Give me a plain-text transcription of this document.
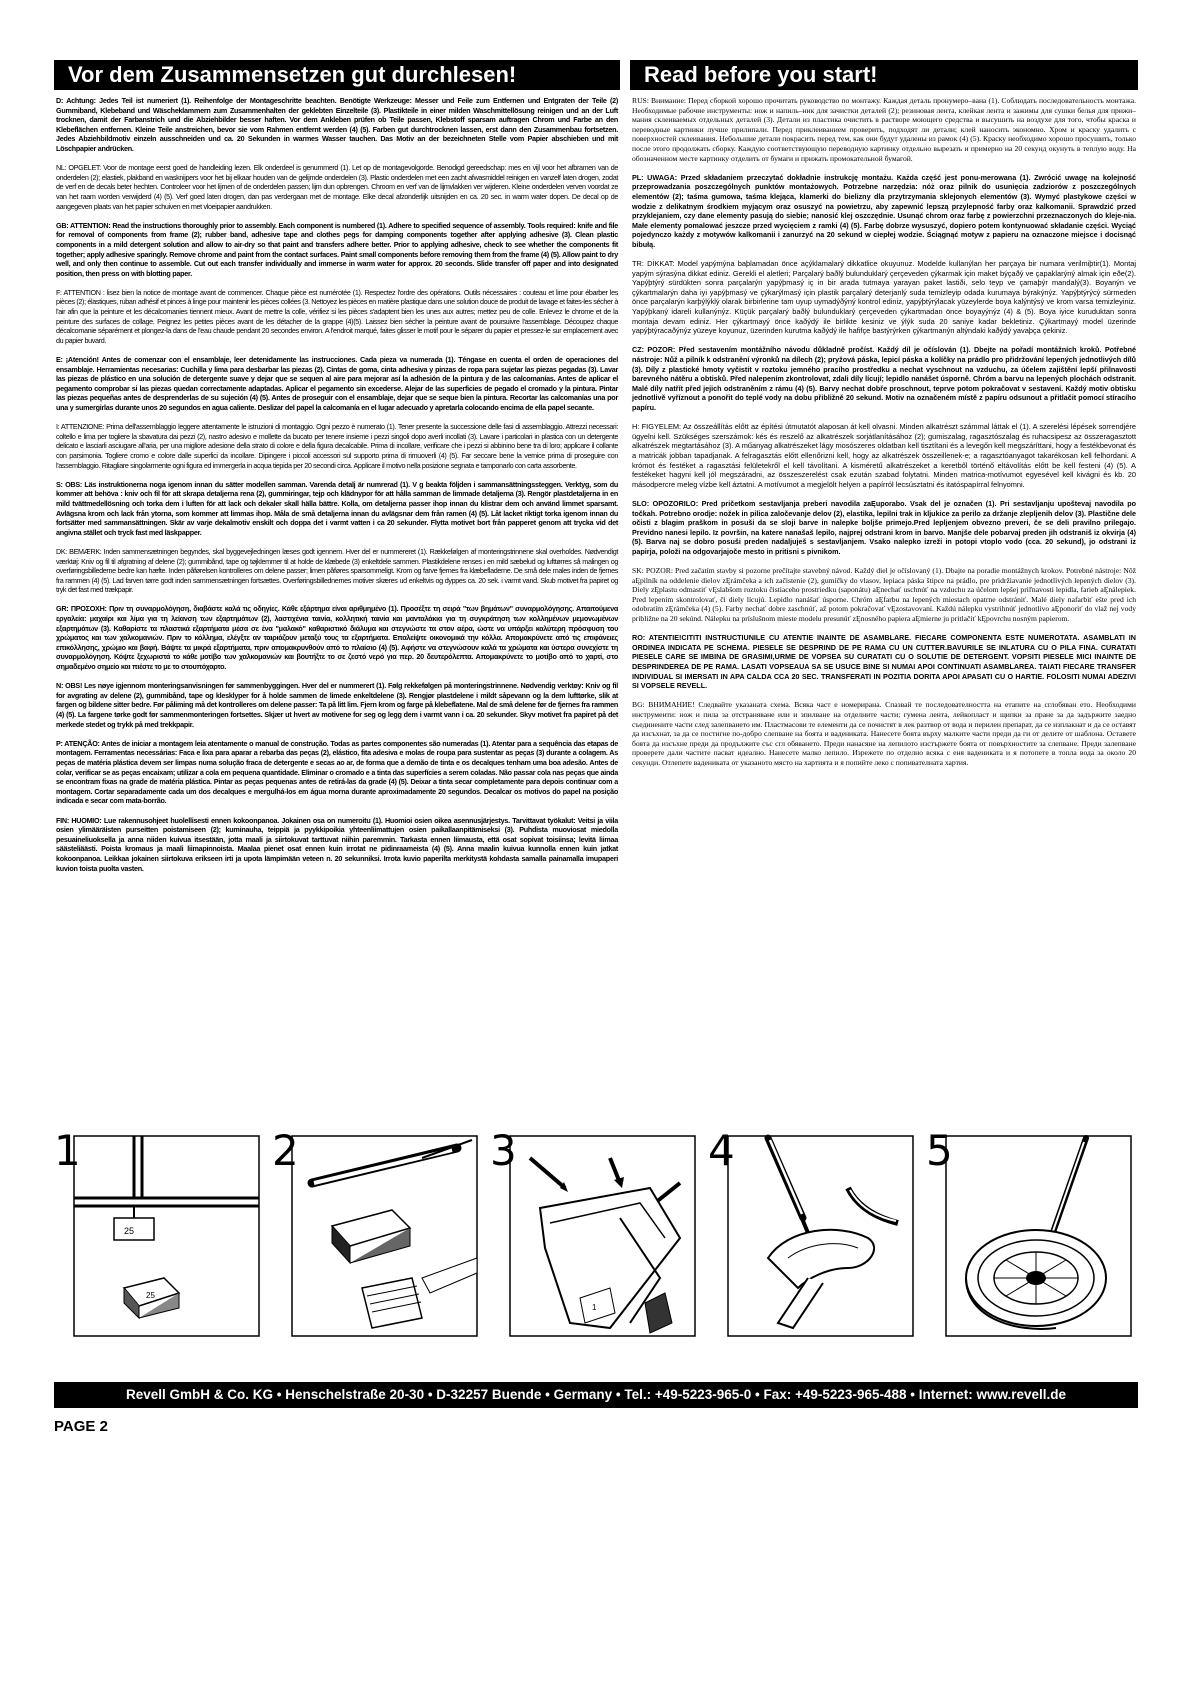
Vor dem Zusammensetzen gut durchlesen!	Read before you start!

D: Achtung: Jedes Teil ist numeriert (1). Reihenfolge der Montageschritte beachten. Benötigte Werkzeuge: Messer und Feile zum Entfernen und Entgraten der Teile (2) Gummiband, Klebeband und Wäscheklammern zum Zusammenhalten der geklebten Einzelteile (3). Plastikteile in einer milden Waschmittellösung reinigen und an der Luft trocknen, damit der Farbanstrich und die Abziehbilder besser haften. Vor dem Ankleben prüfen ob Teile passen, Klebstoff sparsam auftragen Chrom und Farbe an den Klebeflächen entfernen. Kleine Teile anstreichen, bevor sie vom Rahmen entfernt werden (4) (5). Farben gut durchtrocknen lassen, erst dann den Zusammenbau fortsetzen. Jedes Abziehbildmotiv einzeln ausschneiden und ca. 20 Sekunden in warmes Wasser tauchen. Das Motiv an der bezeichneten Stelle vom Papier abschieben und mit Löschpapier andrücken.

NL: OPGELET: Voor de montage eerst goed de handleiding lezen. Elk onderdeel is genummerd (1). Let op de montagevolgorde. Benodigd gereedschap: mes en vijl voor het afbramen van de onderdelen (2); elastiek, plakband en wasknijpers voor het bij elkaar houden van de gelijmde onderdelen (3). Plastic onderdelen met een zacht afwasmiddel reinigen en vanzelf laten drogen, zodat de verf en de decals beter hechten. Controleer voor het lijmen of de onderdelen passen; lijm dun opbrengen. Chroom en verf van de lijmvlakken ver wijderen. Kleine onderdelen verven voordat ze van het raam worden verwijderd (4) (5). Verf goed laten drogen, dan pas verdergaan met de montage. Elke decal afzonderlijk uitsnijden en ca. 20 sec. in warm water dopen. De decal op de aangegeven plaats van het papier schuiven en met vloeipapier aandrukken.

GB: ATTENTION: Read the instructions thoroughly prior to assembly. Each component is numbered (1). Adhere to specified sequence of assembly. Tools required: knife and file for removal of components from frame (2); rubber band, adhesive tape and clothes pegs for damping components together after applying adhesive (3). Clean plastic components in a mild detergent solution and allow to air-dry so that paint and transfers adhere better. Prior to applying adhesive, check to see whether the components fit together; apply adhesive sparingly. Remove chrome and paint from the contact surfaces. Paint small components before removing them from the frame (4) (5). Allow paint to dry well, and only then continue to assemble. Cut out each transfer individually and immerse in warm water for approx. 20 seconds. Slide transfer off paper and into designated position, then press on with blotting paper.

F: ATTENTION : lisez bien la notice de montage avant de commencer. Chaque pièce est numérotée (1). Respectez l'ordre des opérations. Outils nécessaires : couteau et lime pour ébarber les pièces (2); élastiques, ruban adhésif et pinces à linge pour maintenir les pièces collées (3. Nettoyez les pièces en matière plastique dans une solution douce de produit de lavage et faites-les sécher à l'air afin que la peinture et les décalcomanies tiennent mieux. Avant de mettre la colle, vérifiez si les pièces s'adaptent bien les unes aux autres; mettez peu de colle. Enlevez le chrome et de la peinture des surfaces de collage. Peignez les petites pièces avant de les détacher de la grappe (4)(5). Laissez bien sécher la peinture avant de poursuivre l'assemblage. Découpez chaque décalcomanie séparément et plongez-la dans de l'eau chaude pendant 20 secondes environ. A l'endroit marqué, faites glisser le motif pour le séparer du papier et pressez-le sur emplacement avec du papier buvard.

E: ¡Atención! Antes de comenzar con el ensamblaje, leer detenidamente las instrucciones. Cada pieza va numerada (1). Téngase en cuenta el orden de operaciones del ensamblaje. Herramientas necesarias: Cuchilla y lima para desbarbar las piezas (2). Cintas de goma, cinta adhesiva y pinzas de ropa para sujetar las piezas pegadas (3). Lavar las piezas de plástico en una solución de detergente suave y dejar que se sequen al aire para mejorar así la adhesión de la pintura y de las calcomanías. Antes de aplicar el pegamento comprobar si las piezas quedan correctamente adaptadas. Aplicar el pegamento sin excederse. Alejar de las superficies de pegado el cromado y la pintura. Pintar las piezas pequeñas antes de desprenderlas de su sujeción (4) (5). Antes de proseguir con el ensamblaje, dejar que se seque bien la pintura. Recortar las calcomanías una por una y sumergirlas durante unos 20 segundos en agua caliente. Deslizar del papel la calcomanía en el lugar adecuado y apretarla colocando encima de ella papel secante.

I: ATTENZIONE: Prima dell'assemblaggio leggere attentamente le istruzioni di montaggio. Ogni pezzo è numerato (1). Tener presente la successione delle fasi di assemblaggio. Attrezzi necessari: coltello e lima per togliere la sbavatura dai pezzi (2), nastro adesivo e mollette da bucato per tenere insieme i pezzi singoli dopo averli incollati (3). Lavare i particolari in plastica con un detergente delicato e lasciarli asciugare all'aria, per una migliore adesione della strato di colore e della figura decalcabile. Prima di incollare, verificare che i pezzi si abbinino bene tra di loro; applicare il collante con parsimonia. Togliere cromo e colore dalle superfici da incollare. Dipingere i piccoli accessori sul supporto prima di rimuoverli (4) (5). Far seccare bene la vernice prima di proseguire con l'assemblaggio. Ritagliare singolarmente ogni figura ed immergerla in acqua tiepida per 20 secondi circa. Applicare il motivo nella posizione segnata e tamponarlo con carta assorbente.

S: OBS: Läs instruktionerna noga igenom innan du sätter modellen samman. Varenda detalj är numrerad (1). V g beakta följden i sammansättningssteggen. Verktyg, som du kommer att behöva : kniv och fil för att skrapa detaljerna rena (2), gummiringar, tejp och klädnypor för att hålla samman de limmade detaljerna (3). Rengör plastdetaljerna in en mild tvättmedellösning och torka dem i luften för att lack och dekaler skall hälla bättre. Kolla, om detaljerna passer ihop innan du klistrar dem och använd limmet sparsamt. Avlägsna krom och lack från ytorna, som kommer att limmas ihop. Måla de små detaljerna innan du avlägsnar dem från ramen (4) (5). Låt lacket riktigt torka igenom innan du fortsätter med sammansättningen. Skär av varje dekalmotiv enskilt och doppa det i varmt vatten i ca 20 sekunder. Flytta motivet bort från papperet genom att trycka vid det angivna stället och tryck fast med läskpapper.

DK: BEMÆRK: Inden sammensætningen begyndes, skal byggevejledningen læses godt igennem. Hver del er nummereret (1). Rækkefølgen af monteringstrinnene skal overholdes. Nødvendigt værktøj: Kniv og fil til afgratning af delene (2); gummibånd, tape og tøjklemmer til at holde de klæbede (3) enkeltdele sammen. Plastikdelene renses i en mild sæbelud og lufttørres så malingen og overføringsbillederne bedre kan hæfte. Inden påførelsen kontrolleres om delene passer; limen påføres sparsommeligt. Krom og farve fjernes fra klæbefladerne. De små dele males inden de fjernes fra rammen (4) (5). Lad farven tørre godt inden sammensætningen fortsættes. Overføringsbillednernes motiver skæres ud enkeltvis og dyppes ca. 20 sek. i varmt vand. Skub motivet fra papiret og tryk det fast med trækpapir.

GR: ΠΡΟΣΟΧΗ: Πριν τη συναρμολόγηση, διαβάστε καλά τις οδηγίες. Κάθε εξάρτημα είναι αριθμημένο (1). Προσέξτε τη σειρά "των βημάτων" συναρμολόγησης. Απαιτούμενα εργαλεία: μαχαίρι και λίμα για τη λείανση των εξαρτημάτων (2), λαστιχένια ταινία, κολλητική ταινία και μανταλάκια για τη συγκράτηση των κολλημένων μεμονωμένων εξαρτημάτων (3). Καθαρίστε τα πλαστικά εξαρτήματα μέσα σε ένα "μαλακό" καθαριστικό διάλυμα και στεγνώστε τα στον αέρα, ώστε να υπάρξει καλύτερη πρόσφυση του χρώματος και των χαλκομανιών. Πριν το κόλλημα, ελέγξτε αν ταιριάζουν μεταξύ τους τα εξαρτήματα. Επαλείψτε οικονομικά την κόλλα. Απομακρύνετε από τις επιφάνειες επικόλλησης, χρώμιο και βαφή. Βάψτε τα μικρά εξαρτήματα, πριν απομακρυνθούν από το πλαίσιο (4) (5). Αφήστε να στεγνώσουν καλά τα χρώματα και ύστερα συνεχίστε τη συναρμολόγηση. Κόψτε ξεχωριστά το κάθε μοτίβο των χαλκομανιών και βουτήξτε το σε ζεστό νερό για περ. 20 δευτερόλεπτα. Απομακρύνετε το μοτίβο από το χαρτί, στο σημαδεμένο σημείο και πιέστε το με το στουπόχαρτο.

N: OBS! Les nøye igjennom monteringsanvisningen før sammenbyggingen. Hver del er nummerert (1). Følg rekkefølgen på monteringstrinnene. Nødvendig verktøy: Kniv og fil for avgrating av delene (2), gummibånd, tape og klesklyper for å holde sammen de limede enkeltdelene (3). Rengjør plastdelene i mildt såpevann og la dem lufttørke, slik at fargen og bildene sitter bedre. Før påliming må det kontrolleres om delene passer: Ta på litt lim. Fjern krom og farge på klebeflatene. Mal de små delene før de fjernes fra rammen (4) (5). La fargene tørke godt før sammenmonteringen fortsettes. Skjær ut hvert av motivene for seg og legg dem i varmt vann i ca. 20 sekunder. Skyv motivet fra papiret på det merkede stedet og trykk på med trekkpapir.

P: ATENÇÃO: Antes de iniciar a montagem leia atentamente o manual de construção. Todas as partes componentes são numeradas (1). Atentar para a sequência das etapas de montagem. Ferramentas necessárias: Faca e lixa para aparar a rebarba das peças (2), elástico, fita adesiva e molas de roupa para sustentar as peças (3) durante a colagem. As peças de matéria plástica devem ser limpas numa solução fraca de detergente e secas ao ar, de forma que a demão de tinta e os decalques tenham uma boa adesão. Antes de colar, verificar se as peças encaixam; utilizar a cola em pequena quantidade. Eliminar o cromado e a tinta das superfícies a serem coladas. Não passar cola nas peças que ainda se encontram fixas na grade de matéria plástica. Pintar as peças pequenas antes de retirá-las da grade (4) (5). Deixar a tinta secar completamente para depois continuar com a montagem. Cortar separadamente cada um dos decalques e mergulhá-los em água morna durante aproximadamente 20 segundos. Decalcar os motivos do papel na posição indicada e secar com mata-borrão.

FIN: HUOMIO: Lue rakennusohjeet huolellisesti ennen kokoonpanoa. Jokainen osa on numeroitu (1). Huomioi osien oikea asennusjärjestys. Tarvittavat työkalut: Veitsi ja viila osien ylimääräisten purseitten poistamiseen (2); kuminauha, teippiä ja pyykkipoikia yhteenliimattujen osien paikallaanpitämiseksi (3). Puhdista muoviosat miedolla pesuaineliuoksella ja anna niiden kuivua itsestään, jotta maali ja siirtokuvat tarttuvat niihin paremmin. Tarkasta ennen liimausta, että osat sopivat toisiinsa; levitä liimaa säästeliäästi. Poista kromaus ja maali liimapinnoista. Maalaa pienet osat ennen kuin irrotat ne pidinraameista (4) (5). Anna maalin kuivua kunnolla ennen kuin jatkat kokoonpanoa. Leikkaa jokainen siirtokuva erikseen irti ja upota lämpimään veteen n. 20 sekunniksi. Irrota kuvio paperilta merkitystä kohdasta samalla painamalla imupaperi kuvion toista puolta vasten.

RUS: Внимание: Перед сборкой хорошо прочитать руководство по монтажу. Каждая деталь пронумеро–вана (1). Соблюдать последовательность монтажа. Необходимые рабочие инструменты: нож и напиль–ник для зачистки деталей (2); резиновая лента, клейкая лента и зажимы для сушки белья для прижи–мания склеиваемых отдельных деталей (3). Детали из пластика очистить в растворе моющего средства и высушить на воздухе для того, чтобы краска и переводные картинки лучше прилипали. Перед приклеиванием проверить, подходят ли детали; клей наносить экономно. Хром и краску удалить с поверхностей склеивания. Небольшие детали покрасить перед тем, как они будут удалены из рамок (4) (5). Краску необходимо хорошо просушить, только после этого продолжать сборку. Каждую соответствующую переводную картинку отдельно вырезать и примерно на 20 секунд окунуть в теплую воду. На обозначенном месте картинку отделить от бумаги и прижать промокательной бумагой.

PL: UWAGA: Przed składaniem przeczytać dokładnie instrukcję montażu. Każda część jest ponu-merowana (1). Zwrócić uwagę na kolejność przeprowadzania poszczególnych punktów montażowych. Potrzebne narzędzia: nóż oraz pilnik do usunięcia zadziorów z poszczególnych elementów (2); taśma gumowa, taśma klejąca, klamerki do bielizny dla przytrzymania sklejonych elementów (3). Wymyć plastykowe części w wodzie z delikatnym środkiem myjącym oraz osuszyć na powietrzu, aby zapewnić lepszą przylepność farby oraz kalkomanii. Sprawdzić przed przyklejaniem, czy dane elementy pasują do siebie; nanosić klej oszczędnie. Usunąć chrom oraz farbę z powierzchni przeznaczonych do kleje-nia. Małe elementy pomalować jeszcze przed wycięciem z ramki (4) (5). Farbę dobrze wysuszyć, dopiero potem kontynuować składanie części. Wyciąć pojedynczo każdy z motywów kalkomanii i zanurzyć na 20 sekund w ciepłej wodzie. Ściągnąć motyw z papieru na oznaczone miejsce i docisnąć bibułą.

TR: DİKKAT: Model yapýmýna baþlamadan önce açýklamalarý dikkatlice okuyunuz. Modelde kullanýlan her parçaya bir numara verilmiþtir(1). Montaj yapým sýrasýna dikkat ediniz. Gerekli el aletleri; Parçalarý baðlý bulunduklarý çerçeveden çýkarmak için maket býçaðý ve çapaklarýný almak için eðe(2). Yapýþtýrý sürdükten sonra parçalarýn yapýþmasý iç in bir arada tutmaya yarayan paket lastiði, selo teyp ve çamaþýr mandalý(3). Boyanýn ve çýkartmalarýn daha iyi yapýþmasý ve çýkarýlmasý için plastik parçalarý deterjanlý suda temizleyip odada kurumaya býrakýnýz. Yapýþtýrýcý sürmeden önce parçalarýn karþýlýklý olarak birbirlerine tam uyup uymadýðýný kontrol ediniz, yapýþtýrýlacak yüzeylerde boya kalýntýsý ve krom varsa temizleyiniz. Yapýþkaný idareli kullanýnýz. Küçük parçalarý baðlý bulunduklarý çerçeveden çýkartmadan önce boyayýnýz (4) & (5). Boya iyice kuruduktan sonra montaja devam ediniz. Her çýkartmayý önce kaðýdý ile birlikte kesiniz ve ýlýk suda 20 saniye kadar bekletiniz. Çýkartmayý model üzerinde yapýþtýracaðýnýz yüzeye koyunuz, üzerinden kurutma kaðýdý ile hafifçe bastýrýrken çýkartmanýn altýndaki kaðýdý yavaþça çekiniz.

CZ: POZOR: Před sestavením montážního návodu důkladně pročíst. Každý díl je očíslován (1). Dbejte na pořadí montážních kroků. Potřebné nástroje: Nůž a pilník k odstranění výronků na dílech (2); pryžová páska, lepicí páska a kolíčky na prádlo pro přidržování lepených jednotlivých dílů (3). Díly z plastické hmoty vyčistit v roztoku jemného pracího prostředku a nechat vyschnout na vzduchu, za účelem zajištění lepší přilnavosti barevného nátěru a obtisků. Před nalepením zkontrolovat, zdali díly lícují; lepidlo nanášet úsporně. Chróm a barvu na lepených plochách odstranit. Malé díly natřít před jejich odstraněním z rámu (4) (5). Barvy nechat dobře proschnout, teprve potom pokračovat v sestavení. Každý motiv obtisku jednotlivě vyříznout a ponořit do teplé vody na dobu přibližně 20 sekund. Motiv na označeném místě z papíru odsunout a přitlačit pomocí stíracího papíru.

H: FIGYELEM: Az összeállítás előtt az építési útmutatót alaposan át kell olvasni. Minden alkatrészt számmal láttak el (1). A szerelési lépések sorrendjére ügyelni kell. Szükséges szerszámok: kés és reszelő az alkatrészek sorjátlanításához (2); gumiszalag, ragasztószalag és ruhacsipesz az összeragasztott alkatrészek megtartásához (3). A műanyag alkatrészeket lágy mosószeres oldatban kell tisztítani és a levegőn kell megszáríttani, hogy a festékbevonat és a matricák jobban tapadjanak. A felragasztás előtt ellenőrizni kell, hogy az alkatrészek összeillenek-e; a ragasztóanyagot takarékosan kell felhordani. A krómot és festéket a ragasztási felületekről el kell távolítani. A kisméretű alkatrészeket a keretből történő eltávolítás előtt be kell festeni (4) (5). A festékeket hagyni kell jól megszáradni, az összeszerelést csak ezután szabad folytatni. Minden matrica-motívumot egyesével kell kivágni és kb. 20 másodpercre meleg vízbe kell áztatni. A motívumot a megjelölt helyen a papírról lecsúsztatni és itatóspapírral felnyomni.

SLO: OPOZORILO: Pred pričetkom sestavljanja preberi navodila zaĘuporabo. Vsak del je označen (1). Pri sestavljanju upoštevaj navodila po točkah. Potrebno orodje: nožek in pilica zaločevanje delov (2), elastika, lepilni trak in kljukice za perilo za držanje zlepljenih delov (3). Plastične dele očisti z blagim praškom in posuši da se sloji barve in nalepke boljše primejo.Pred lepljenjem obvezno preveri, če se deli pravilno prilegajo. Previdno nanesi lepilo. Iz površin, na katere nanašaš lepilo, najprej odstrani krom in barvo. Manjše dele pobarvaj preden jih odstraniš iz okvirja (4)(5). Barva naj se dobro posuši preden nadaljuješ s sestavljanjem. Vsako nalepko izreži in potopi vtoplo vodo (cca. 20 sekund), jo odstrani iz papirja, položi na odgovarjajoče mesto in pritisni s pivnikom.

SK: POZOR: Pred začatím stavby si pozorne prečítajte stavebný návod. Každý diel je očíslovaný (1). Dbajte na poradie montážnych krokov. Potrebné nástroje: Nôž aĘpilník na oddelenie dielov zĘrámčeka a ich začistenie (2), gumičky do vlasov, lepiaca páska štipce na prádlo, pre pridržiavanie jednotlivých lepených dielov (3). Diely zĘplastu odmastiť vĘslabšom roztoku čistiaceho prostriedku (saponátu) aĘnechať uschnúť na vzduchu za účelom lepšej priľnavosti lepidla, farieb aĘnálepiek. Pred lepením skontrolovať, či diely lícujú. Lepidlo nanášať úsporne. Chróm aĘfarbu na lepených miestach opatrne odstrániť. Malé diely nafarbiť ešte pred ich odobratím zĘrámčeka (4) (5). Farby nechať dobre zaschnúť, až potom pokračovať vĘzostavovaní. Každú nálepku vystrihnúť jednotlivo aĘponoriť do vlaž nej vody približne na 20 sekúnd. Nálepku na príslušnom mieste modelu presunúť zĘnosného papiera aĘmierne ju pritlačiť kĘpovrchu nosným papierom.

RO: ATENTIE!CITITI INSTRUCTIUNILE CU ATENTIE INAINTE DE ASAMBLARE. FIECARE COMPONENTA ESTE NUMEROTATA. ASAMBLATI IN ORDINEA INDICATA PE SCHEMA. PIESELE SE DESPRIND DE PE RAMA CU UN CUTTER.BAVURILE SE INLATURA CU O PILA FINA. CURATATI PIESELE CARE SE IMBINA DE GRASIMI,URME DE VOPSEA SU CURATATI CU O SOLUTIE DE DETERGENT. VOPSITI PIESELE MICI INAINTE DE DESPRINDEREA DE PE RAMA. LASATI VOPSEAUA SA SE USUCE BINE SI NUMAI APOI CONTINUATI ASAMBLAREA. TAIATI FIECARE TRANSFER INDIVIDUAL SI IMERSATI IN APA CALDA CCA 20 SEC. TRANSFERATI IN POZITIA DORITA APOI APASATI CU O HARTIE. FOLOSITI NUMAI ADEZIVI SI VOPSELE REVELL.

BG: ВНИМАНИЕ! Следвайте указаната схема. Всяка част е номерирана. Спазвай те последователността на етапите на сглобяван ето. Необходими инструменти: нож и пила за отстраняване или и зпилване на отделните части; гумена лента, лейкопласт и щипки за пране за да задържите заедно съединените части след залепването им. Пластмасови те елементи да се почистят в лек разтвор от вода и перилен препарат, да се изплакнат и да се оставят да изсъхнат, за да се постигне по-добро слепване на боята и вадениката. Нанесете боята върху малките части преди да ги от делите от шаблона. Оставете боята да изсъхне преди да продължите със сгл обяването. Преди нанасяне на лепилото изстържете боята от повърхностите за слепване. Преди залепване проверете дали частите пасват идеално. Нанесете малко лепило. Изрежете по отделно всяка с еня вадениката и я потопете в топла вода за около 20 секунди. Отлепете вадениката от указаното място на хартията и я попийте леко с попивателната хартия.

1
25
25
2	3
1
4	5
Revell GmbH & Co. KG • Henschelstraße 20-30 • D-32257 Buende • Germany • Tel.: +49-5223-965-0 • Fax: +49-5223-965-488 • Internet: www.revell.de
PAGE 2
